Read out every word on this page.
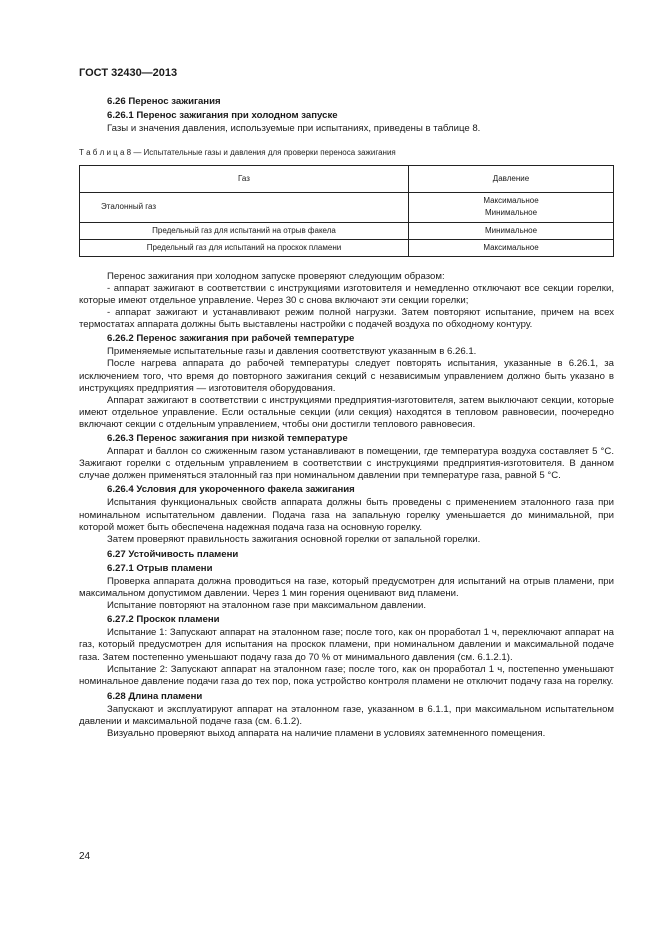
ГОСТ 32430—2013
6.26 Перенос зажигания
6.26.1 Перенос зажигания при холодном запуске

Газы и значения давления, используемые при испытаниях, приведены в таблице 8.

Т а б л и ц а 8 — Испытательные газы и давления для проверки переноса зажигания

Газ	Давление
Эталонный газ	Максимальное
Минимальное

Предельный газ для испытаний на отрыв факела	Минимальное
Предельный газ для испытаний на проскок пламени	Максимальное

Перенос зажигания при холодном запуске проверяют следующим образом:

- аппарат зажигают в соответствии с инструкциями изготовителя и немедленно отключают все секции горелки, которые имеют отдельное управление. Через 30 с снова включают эти секции горелки;

- аппарат зажигают и устанавливают режим полной нагрузки. Затем повторяют испытание, причем на всех термостатах аппарата должны быть выставлены настройки с подачей воздуха по обходному контуру.

6.26.2 Перенос зажигания при рабочей температуре

Применяемые испытательные газы и давления соответствуют указанным в 6.26.1.

После нагрева аппарата до рабочей температуры следует повторять испытания, указанные в 6.26.1, за исключением того, что время до повторного зажигания секций с независимым управлением должно быть указано в инструкциях предприятия — изготовителя оборудования.

Аппарат зажигают в соответствии с инструкциями предприятия-изготовителя, затем выключают секции, которые имеют отдельное управление. Если остальные секции (или секция) находятся в тепловом равновесии, поочередно включают секции с отдельным управлением, чтобы они достигли теплового равновесия.

6.26.3 Перенос зажигания при низкой температуре

Аппарат и баллон со сжиженным газом устанавливают в помещении, где температура воздуха составляет 5 °С. Зажигают горелки с отдельным управлением в соответствии с инструкциями предприятия-изготовителя. В данном случае должен применяться эталонный газ при номинальном давлении при температуре газа, равной 5 °С.

6.26.4 Условия для укороченного факела зажигания

Испытания функциональных свойств аппарата должны быть проведены с применением эталонного газа при номинальном испытательном давлении. Подача газа на запальную горелку уменьшается до минимальной, при которой может быть обеспечена надежная подача газа на основную горелку.

Затем проверяют правильность зажигания основной горелки от запальной горелки.

6.27 Устойчивость пламени
6.27.1 Отрыв пламени

Проверка аппарата должна проводиться на газе, который предусмотрен для испытаний на отрыв пламени, при максимальном допустимом давлении. Через 1 мин горения оценивают вид пламени.

Испытание повторяют на эталонном газе при максимальном давлении.

6.27.2 Проскок пламени

Испытание 1: Запускают аппарат на эталонном газе; после того, как он проработал 1 ч, переключают аппарат на газ, который предусмотрен для испытания на проскок пламени, при номинальном давлении и максимальной подаче газа. Затем постепенно уменьшают подачу газа до 70 % от минимального давления (см. 6.1.2.1).

Испытание 2: Запускают аппарат на эталонном газе; после того, как он проработал 1 ч, постепенно уменьшают номинальное давление подачи газа до тех пор, пока устройство контроля пламени не отключит подачу газа на горелку.

6.28 Длина пламени

Запускают и эксплуатируют аппарат на эталонном газе, указанном в 6.1.1, при максимальном испытательном давлении и максимальной подаче газа (см. 6.1.2).

Визуально проверяют выход аппарата на наличие пламени в условиях затемненного помещения.

24
